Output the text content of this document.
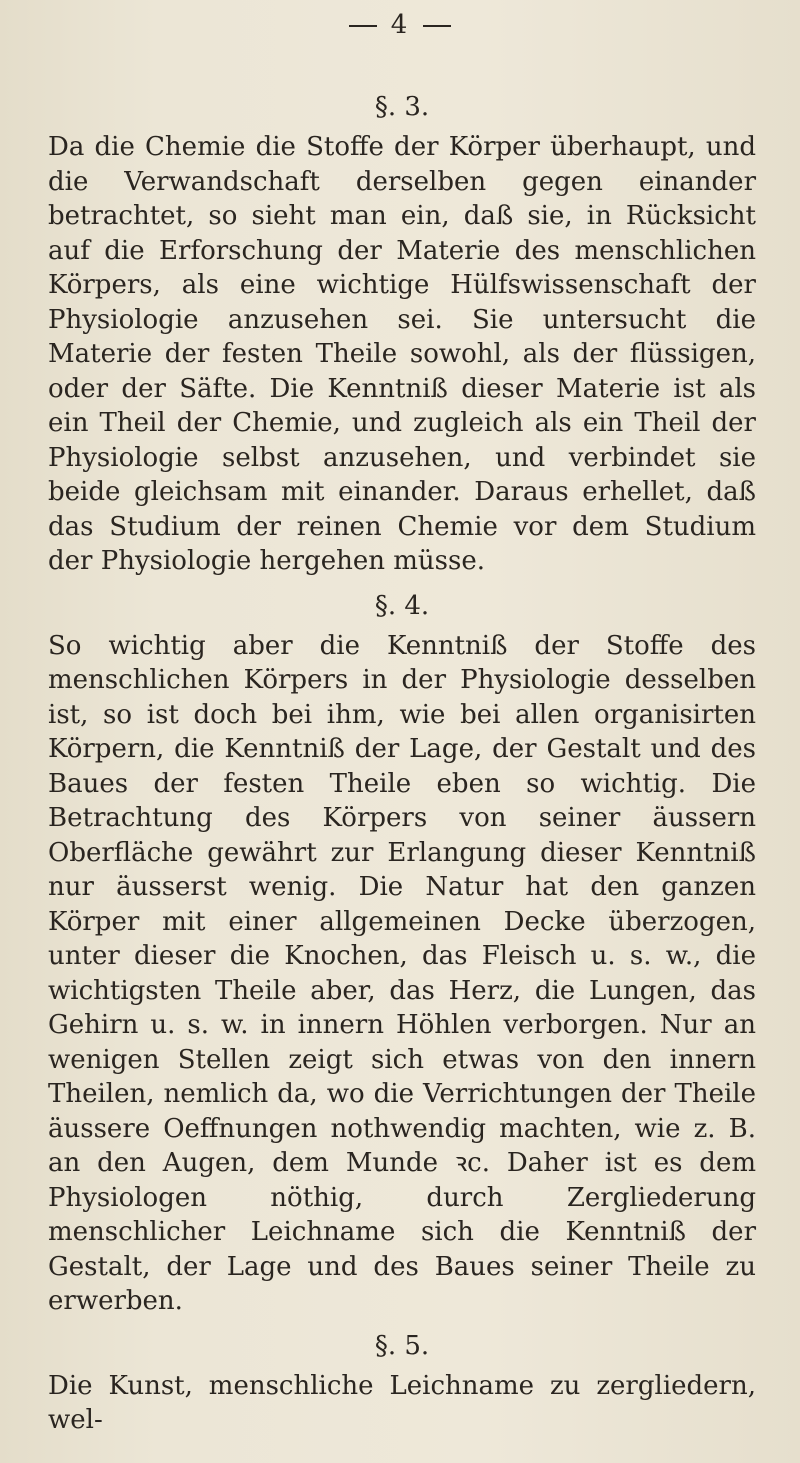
4

§. 3.

Da die Chemie die Stoffe der Körper überhaupt, und die Verwandschaft derselben gegen einander betrachtet, so sieht man ein, daß sie, in Rücksicht auf die Erforschung der Materie des menschlichen Körpers, als eine wichtige Hülfswissenschaft der Physiologie anzusehen sei. Sie untersucht die Materie der festen Theile sowohl, als der flüssigen, oder der Säfte. Die Kenntniß dieser Materie ist als ein Theil der Chemie, und zugleich als ein Theil der Physiologie selbst anzusehen, und verbindet sie beide gleichsam mit einander. Daraus erhellet, daß das Studium der reinen Chemie vor dem Studium der Physiologie hergehen müsse.

§. 4.

So wichtig aber die Kenntniß der Stoffe des menschlichen Körpers in der Physiologie desselben ist, so ist doch bei ihm, wie bei allen organisirten Körpern, die Kenntniß der Lage, der Gestalt und des Baues der festen Theile eben so wichtig. Die Betrachtung des Körpers von seiner äussern Oberfläche gewährt zur Erlangung dieser Kenntniß nur äusserst wenig. Die Natur hat den ganzen Körper mit einer allgemeinen Decke überzogen, unter dieser die Knochen, das Fleisch u. s. w., die wichtigsten Theile aber, das Herz, die Lungen, das Gehirn u. s. w. in innern Höhlen verborgen. Nur an wenigen Stellen zeigt sich etwas von den innern Theilen, nemlich da, wo die Verrichtungen der Theile äussere Oeffnungen nothwendig machten, wie z. B. an den Augen, dem Munde ꝛc. Daher ist es dem Physiologen nöthig, durch Zergliederung menschlicher Leichname sich die Kenntniß der Gestalt, der Lage und des Baues seiner Theile zu erwerben.

§. 5.

Die Kunst, menschliche Leichname zu zergliedern, wel-
